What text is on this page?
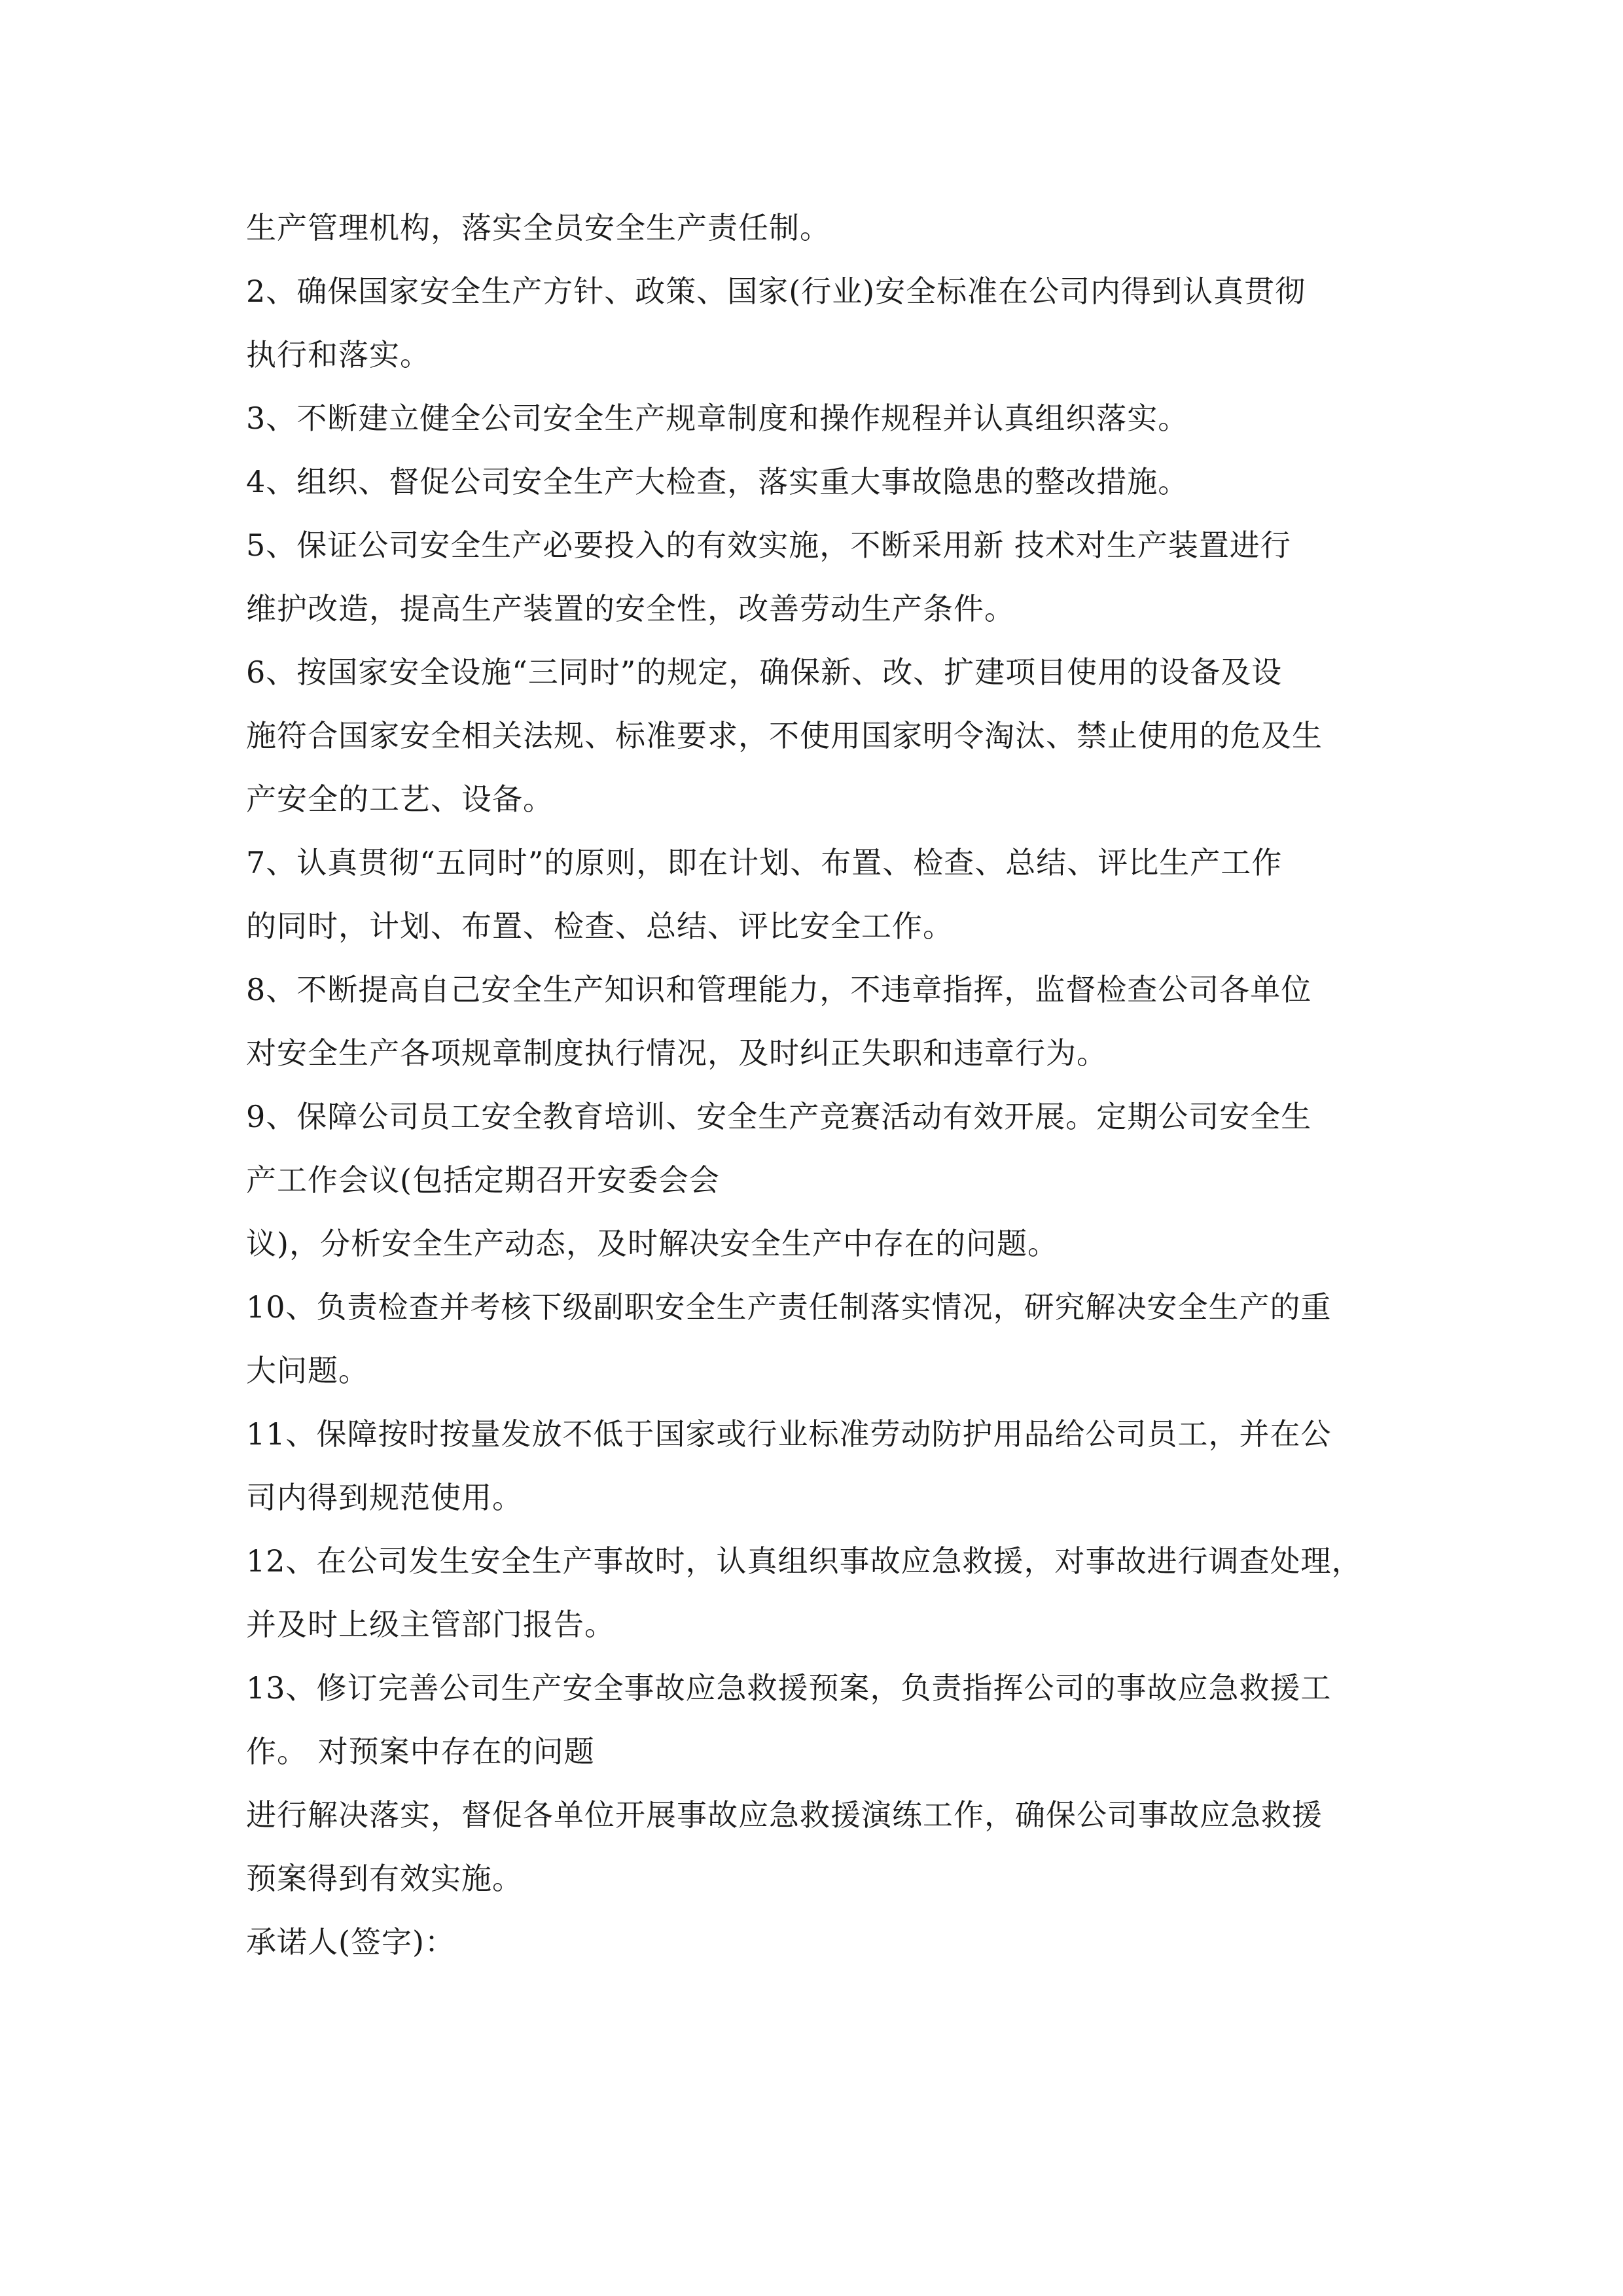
生产管理机构，落实全员安全生产责任制。
2、确保国家安全生产方针、政策、国家(行业)安全标准在公司内得到认真贯彻
执行和落实。
3、不断建立健全公司安全生产规章制度和操作规程并认真组织落实。
4、组织、督促公司安全生产大检查，落实重大事故隐患的整改措施。
5、保证公司安全生产必要投入的有效实施，不断采用新 技术对生产装置进行
维护改造，提高生产装置的安全性，改善劳动生产条件。
6、按国家安全设施“三同时”的规定，确保新、改、扩建项目使用的设备及设
施符合国家安全相关法规、标准要求，不使用国家明令淘汰、禁止使用的危及生
产安全的工艺、设备。
7、认真贯彻“五同时”的原则，即在计划、布置、检查、总结、评比生产工作
的同时，计划、布置、检查、总结、评比安全工作。
8、不断提高自己安全生产知识和管理能力，不违章指挥，监督检查公司各单位
对安全生产各项规章制度执行情况，及时纠正失职和违章行为。
9、保障公司员工安全教育培训、安全生产竞赛活动有效开展。定期公司安全生
产工作会议(包括定期召开安委会会
议)，分析安全生产动态，及时解决安全生产中存在的问题。
10、负责检查并考核下级副职安全生产责任制落实情况，研究解决安全生产的重
大问题。
11、保障按时按量发放不低于国家或行业标准劳动防护用品给公司员工，并在公
司内得到规范使用。
12、在公司发生安全生产事故时，认真组织事故应急救援，对事故进行调查处理，
并及时上级主管部门报告。
13、修订完善公司生产安全事故应急救援预案，负责指挥公司的事故应急救援工
作。 对预案中存在的问题
进行解决落实，督促各单位开展事故应急救援演练工作，确保公司事故应急救援
预案得到有效实施。
承诺人(签字)：
